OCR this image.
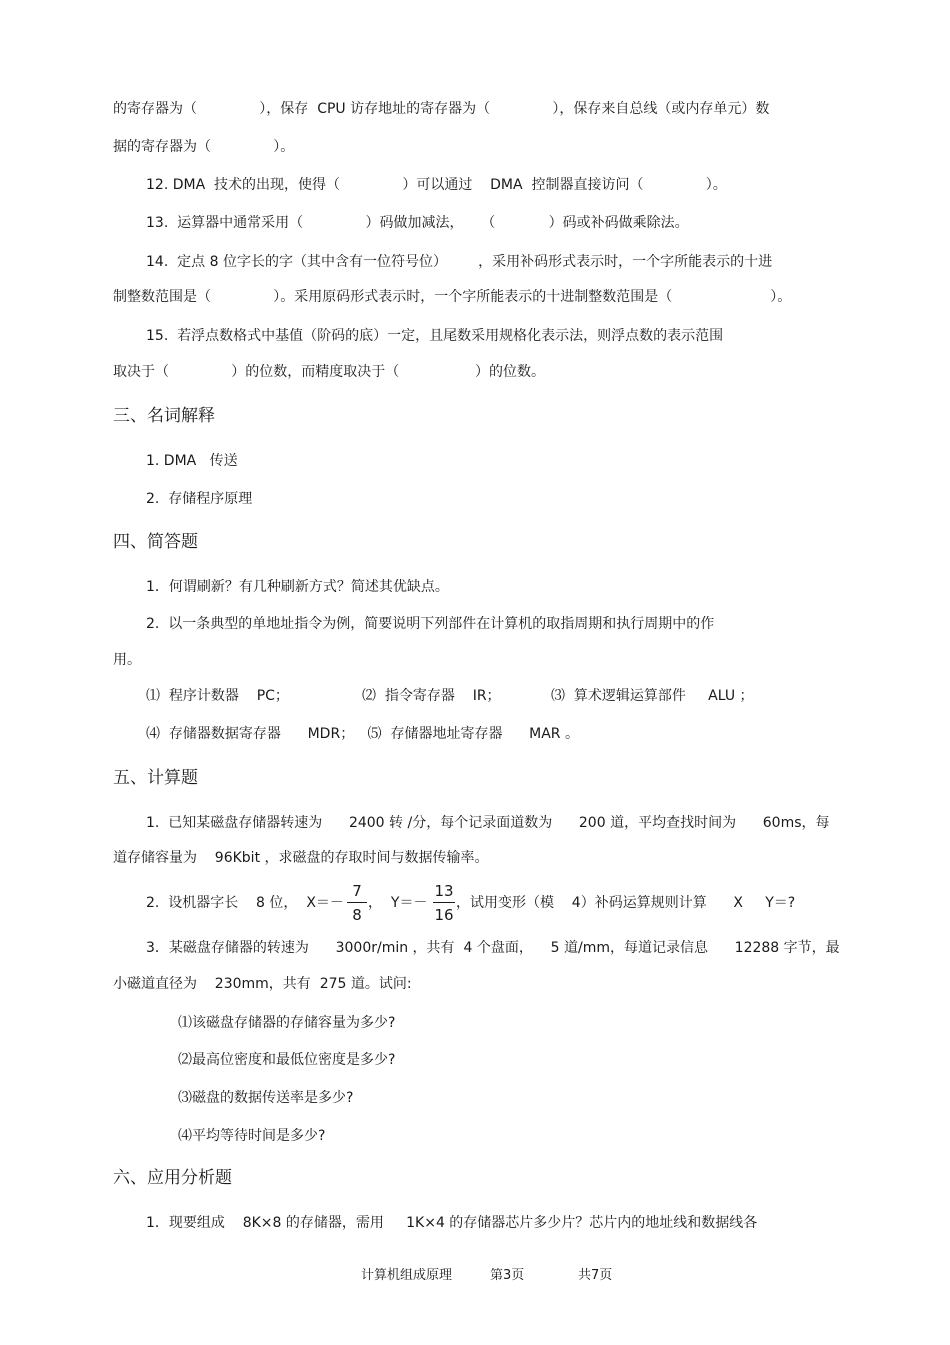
的寄存器为（              ），保存  CPU 访存地址的寄存器为（              ），保存来自总线（或内存单元）数
据的寄存器为（              ）。
12. DMA  技术的出现，使得（              ）可以通过    DMA  控制器直接访问（              ）。
13.  运算器中通常采用（              ）码做加减法，    （            ）码或补码做乘除法。
14.  定点 8 位字长的字（其中含有一位符号位）       ，采用补码形式表示时，一个字所能表示的十进
制整数范围是（              ）。采用原码形式表示时，一个字所能表示的十进制整数范围是（                      ）。
15.  若浮点数格式中基值（阶码的底）一定，且尾数采用规格化表示法，则浮点数的表示范围
取决于（              ）的位数，而精度取决于（                 ）的位数。
三、名词解释
1. DMA   传送
2.  存储程序原理
四、简答题
1．何谓刷新？有几种刷新方式？简述其优缺点。
2.  以一条典型的单地址指令为例，简要说明下列部件在计算机的取指周期和执行周期中的作
用。
⑴  程序计数器    PC；	⑵  指令寄存器    IR；	⑶  算术逻辑运算部件     ALU ；
⑷  存储器数据寄存器      MDR；   ⑸  存储器地址寄存器      MAR 。
五、计算题
1.  已知某磁盘存储器转速为      2400 转 /分，每个记录面道数为      200 道，平均查找时间为      60ms，每
道存储容量为    96Kbit ，求磁盘的存取时间与数据传输率。
2.  设机器字长    8 位，  X＝－
7
8
，  Y＝－
13
16
，试用变形（模    4）补码运算规则计算      X     Y＝?
3．某磁盘存储器的转速为      3000r/min ，共有  4 个盘面，    5 道/mm，每道记录信息      12288 字节，最
小磁道直径为    230mm，共有  275 道。试问:
⑴该磁盘存储器的存储容量为多少?
⑵最高位密度和最低位密度是多少?
⑶磁盘的数据传送率是多少?
⑷平均等待时间是多少?
六、应用分析题
1．现要组成    8K×8 的存储器，需用     1K×4 的存储器芯片多少片？芯片内的地址线和数据线各
计算机组成原理	第3页	共7页
